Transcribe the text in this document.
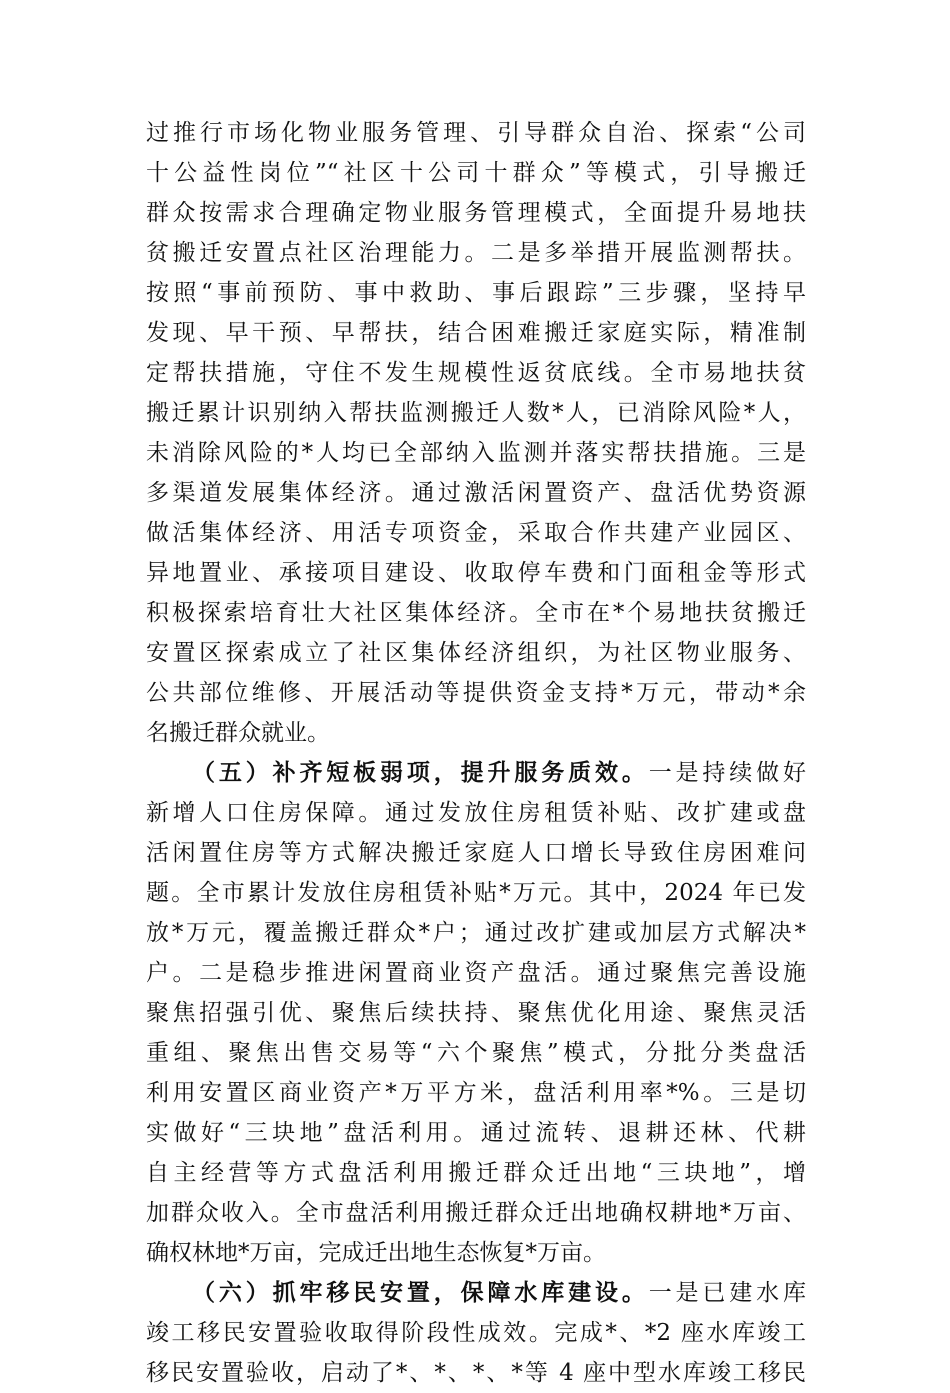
过推行市场化物业服务管理、引导群众自治、探索“公司
十公益性岗位”“社区十公司十群众”等模式，引导搬迁
群众按需求合理确定物业服务管理模式，全面提升易地扶
贫搬迁安置点社区治理能力。二是多举措开展监测帮扶。
按照“事前预防、事中救助、事后跟踪”三步骤，坚持早
发现、早干预、早帮扶，结合困难搬迁家庭实际，精准制
定帮扶措施，守住不发生规模性返贫底线。全市易地扶贫
搬迁累计识别纳入帮扶监测搬迁人数*人，已消除风险*人，
未消除风险的*人均已全部纳入监测并落实帮扶措施。三是
多渠道发展集体经济。通过激活闲置资产、盘活优势资源
做活集体经济、用活专项资金，采取合作共建产业园区、
异地置业、承接项目建设、收取停车费和门面租金等形式
积极探索培育壮大社区集体经济。全市在*个易地扶贫搬迁
安置区探索成立了社区集体经济组织，为社区物业服务、
公共部位维修、开展活动等提供资金支持*万元，带动*余
名搬迁群众就业。
（五）补齐短板弱项，提升服务质效。一是持续做好
新增人口住房保障。通过发放住房租赁补贴、改扩建或盘
活闲置住房等方式解决搬迁家庭人口增长导致住房困难问
题。全市累计发放住房租赁补贴*万元。其中，2024 年已发
放*万元，覆盖搬迁群众*户；通过改扩建或加层方式解决*
户。二是稳步推进闲置商业资产盘活。通过聚焦完善设施
聚焦招强引优、聚焦后续扶持、聚焦优化用途、聚焦灵活
重组、聚焦出售交易等“六个聚焦”模式，分批分类盘活
利用安置区商业资产*万平方米，盘活利用率*%。三是切
实做好“三块地”盘活利用。通过流转、退耕还林、代耕
自主经营等方式盘活利用搬迁群众迁出地“三块地”，增
加群众收入。全市盘活利用搬迁群众迁出地确权耕地*万亩、
确权林地*万亩，完成迁出地生态恢复*万亩。
（六）抓牢移民安置，保障水库建设。一是已建水库
竣工移民安置验收取得阶段性成效。完成*、*2 座水库竣工
移民安置验收，启动了*、*、*、*等 4 座中型水库竣工移民
